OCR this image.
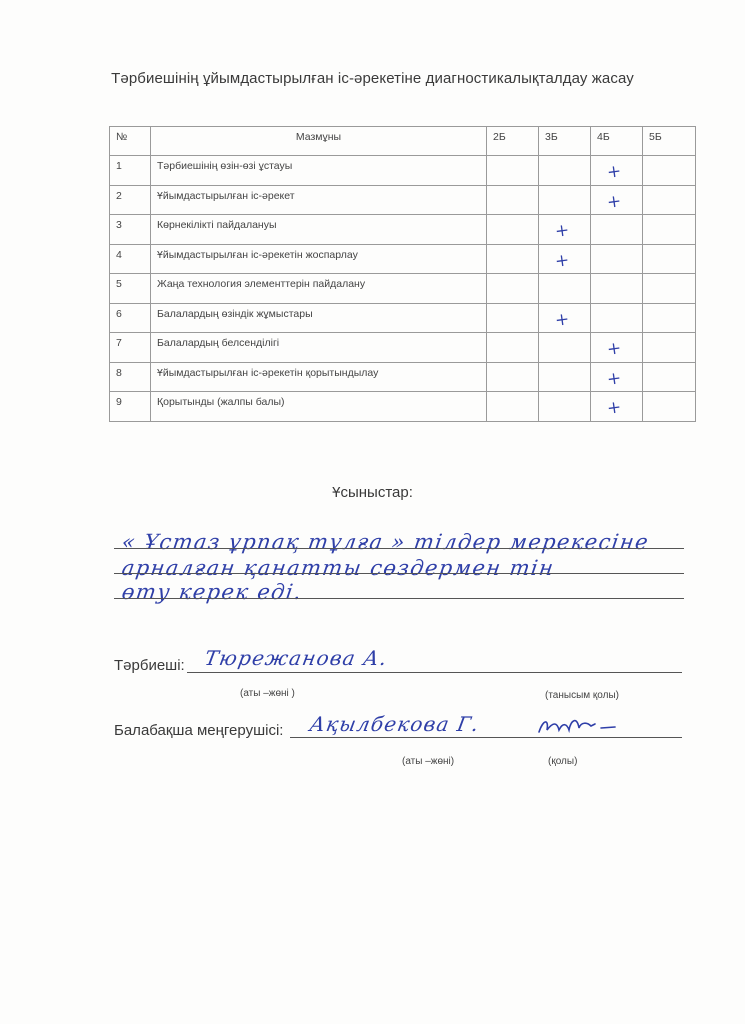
Тәрбиешінің ұйымдастырылған іс-әрекетіне диагностикалықталдау жасау
№	Мазмұны	2Б	3Б	4Б	5Б
1	Тәрбиешінің өзін-өзі ұстауы			+	
2	Ұйымдастырылған іс-әрекет			+	
3	Көрнекілікті пайдалануы		+		
4	Ұйымдастырылған іс-әрекетін жоспарлау		+		
5	Жаңа технология элементтерін пайдалану				
6	Балалардың өзіндік жұмыстары		+		
7	Балалардың белсенділігі			+	
8	Ұйымдастырылған іс-әрекетін қорытындылау			+	
9	Қорытынды (жалпы балы)			+	
Ұсыныстар:
« Ұстаз ұрпақ тұлға » тілдер мерекесіне
арналған қанатты сөздермен тiн
өту керек еді.
Тәрбиеші: Тюрежанова А.
(аты –жөні )	(танысым қолы)
Балабақша меңгерушісі: Ақылбекова Г.
(аты –жөні)	(қолы)
